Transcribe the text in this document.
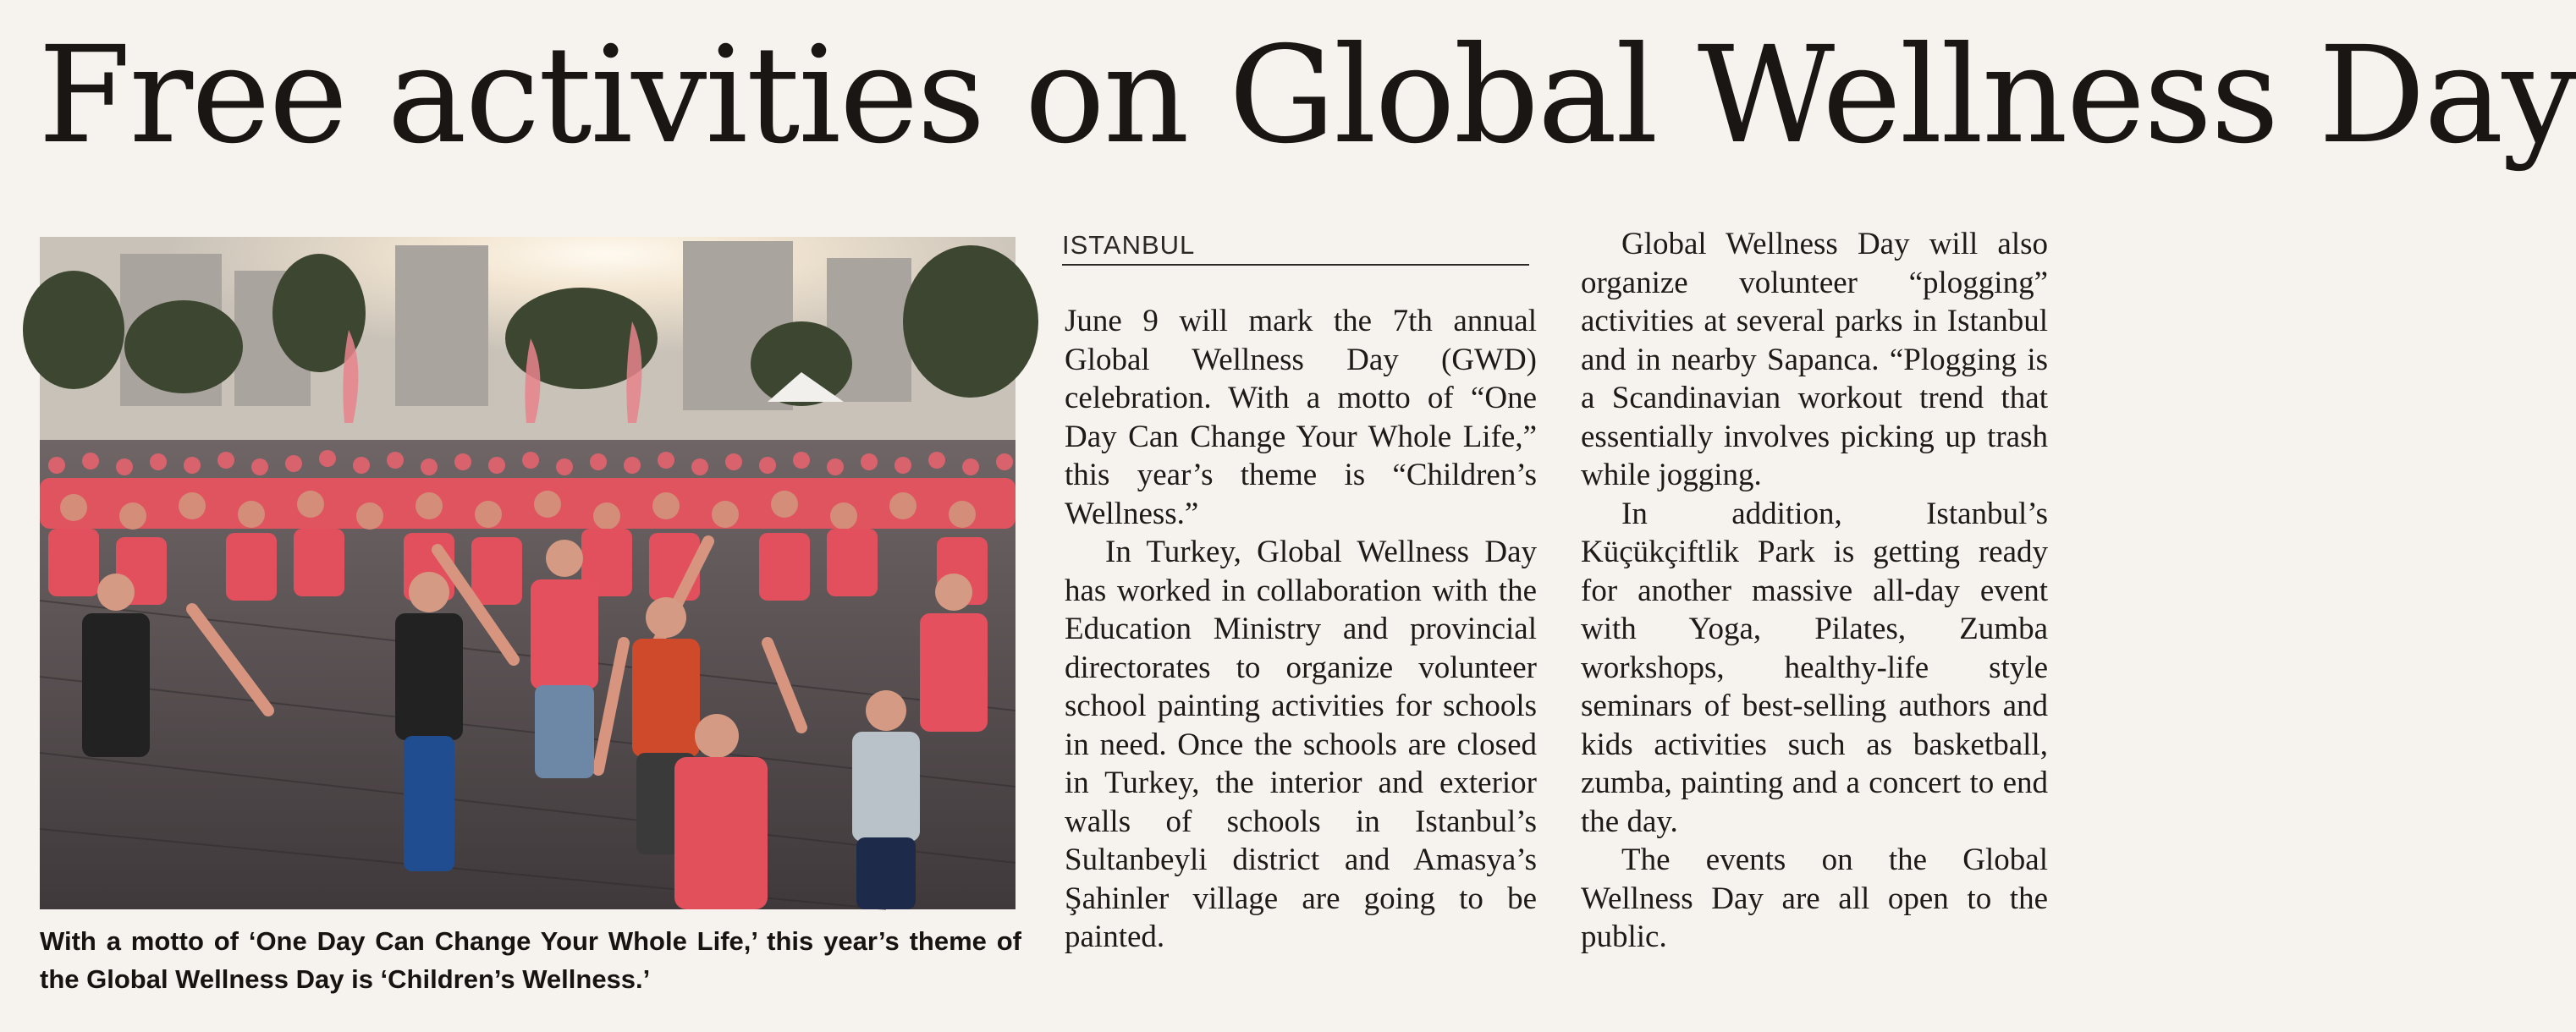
Free activities on Global Wellness Day

With a motto of ‘One Day Can Change Your Whole Life,’ this year’s theme of the Global Wellness Day is ‘Children’s Wellness.’

ISTANBUL

June 9 will mark the 7th annual Global Wellness Day (GWD) celebration. With a motto of “One Day Can Change Your Whole Life,” this year’s theme is “Children’s Wellness.”

In Turkey, Global Wellness Day has worked in collaboration with the Education Ministry and provincial directorates to organize volunteer school painting activities for schools in need. Once the schools are closed in Turkey, the interior and exterior walls of schools in Istanbul’s Sultanbeyli district and Amasya’s Şahinler village are going to be painted.

Global Wellness Day will also organize volunteer “plogging” activities at several parks in Istanbul and in nearby Sapanca. “Plogging is a Scandinavian workout trend that essentially involves picking up trash while jogging.

In addition, Istanbul’s Küçükçiftlik Park is getting ready for another massive all-day event with Yoga, Pilates, Zumba workshops, healthy-life style seminars of best-selling authors and kids activities such as basketball, zumba, painting and a concert to end the day.

The events on the Global Wellness Day are all open to the public.
